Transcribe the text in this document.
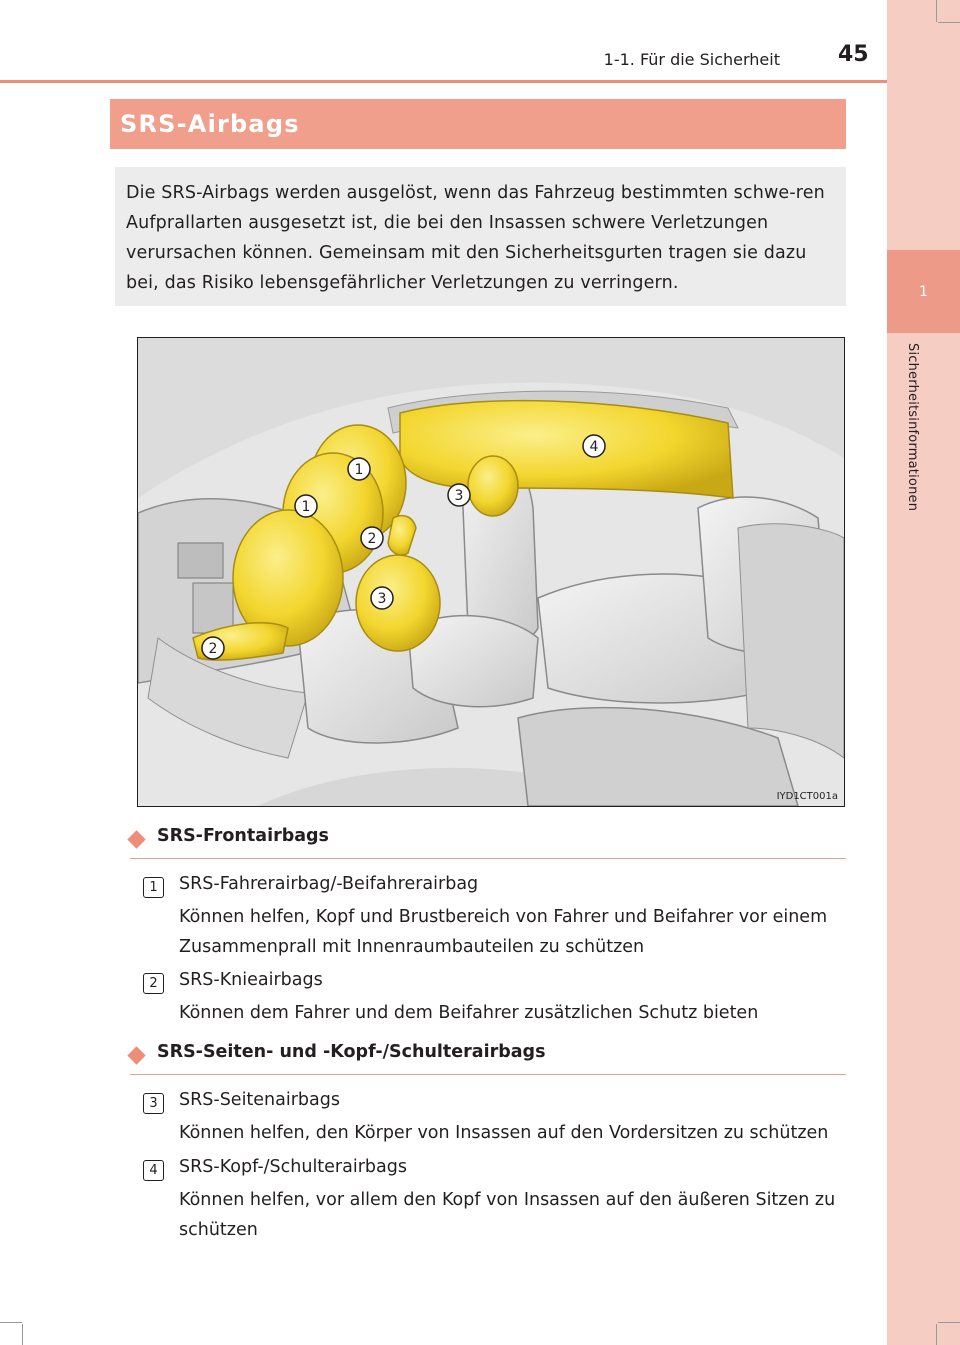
1
Sicherheitsinformationen
1-1. Für die Sicherheit	45
SRS-Airbags
Die SRS-Airbags werden ausgelöst, wenn das Fahrzeug bestimmten schwe-ren Aufprallarten ausgesetzt ist, die bei den Insassen schwere Verletzungen verursachen können. Gemeinsam mit den Sicherheitsgurten tragen sie dazu bei, das Risiko lebensgefährlicher Verletzungen zu verringern.
1
1
2
2
3
3
4
IYD1CT001a
SRS-Frontairbags
1	SRS-Fahrerairbag/-Beifahrerairbag
Können helfen, Kopf und Brustbereich von Fahrer und Beifahrer vor einem Zusammenprall mit Innenraumbauteilen zu schützen
2	SRS-Knieairbags
Können dem Fahrer und dem Beifahrer zusätzlichen Schutz bieten
SRS-Seiten- und -Kopf-/Schulterairbags
3	SRS-Seitenairbags
Können helfen, den Körper von Insassen auf den Vordersitzen zu schützen
4	SRS-Kopf-/Schulterairbags
Können helfen, vor allem den Kopf von Insassen auf den äußeren Sitzen zu schützen
